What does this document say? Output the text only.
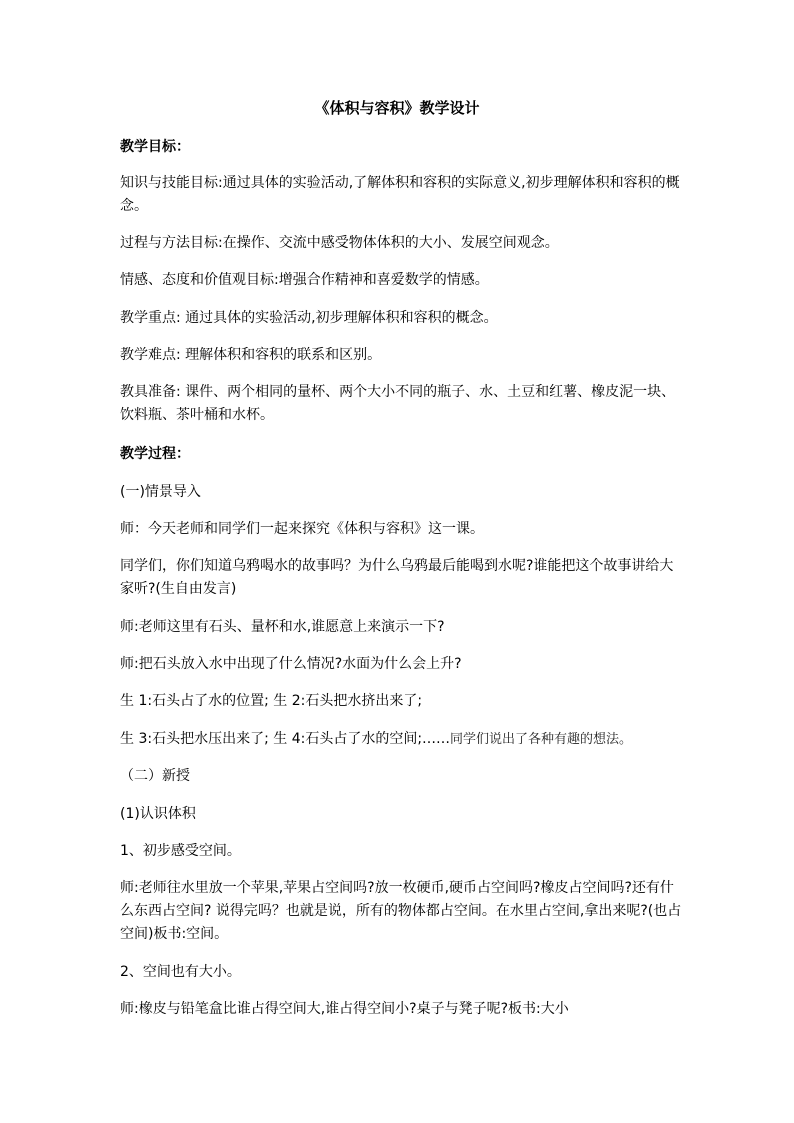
《体积与容积》教学设计
教学目标：
知识与技能目标:通过具体的实验活动,了解体积和容积的实际意义,初步理解体积和容积的概念。
过程与方法目标:在操作、交流中感受物体体积的大小、发展空间观念。
情感、态度和价值观目标:增强合作精神和喜爱数学的情感。
教学重点: 通过具体的实验活动,初步理解体积和容积的概念。
教学难点: 理解体积和容积的联系和区别。
教具准备: 课件、两个相同的量杯、两个大小不同的瓶子、水、土豆和红薯、橡皮泥一块、饮料瓶、茶叶桶和水杯。
教学过程：
(一)情景导入
师：今天老师和同学们一起来探究《体积与容积》这一课。
同学们，你们知道乌鸦喝水的故事吗？为什么乌鸦最后能喝到水呢?谁能把这个故事讲给大家听?(生自由发言)
师:老师这里有石头、量杯和水,谁愿意上来演示一下?
师:把石头放入水中出现了什么情况?水面为什么会上升?
生 1:石头占了水的位置; 生 2:石头把水挤出来了;
生 3:石头把水压出来了; 生 4:石头占了水的空间;……同学们说出了各种有趣的想法。
（二）新授
(1)认识体积
1、初步感受空间。
师:老师往水里放一个苹果,苹果占空间吗?放一枚硬币,硬币占空间吗?橡皮占空间吗?还有什么东西占空间? 说得完吗？也就是说，所有的物体都占空间。在水里占空间,拿出来呢?(也占空间)板书:空间。
2、空间也有大小。
师:橡皮与铅笔盒比谁占得空间大,谁占得空间小?桌子与凳子呢?板书:大小
